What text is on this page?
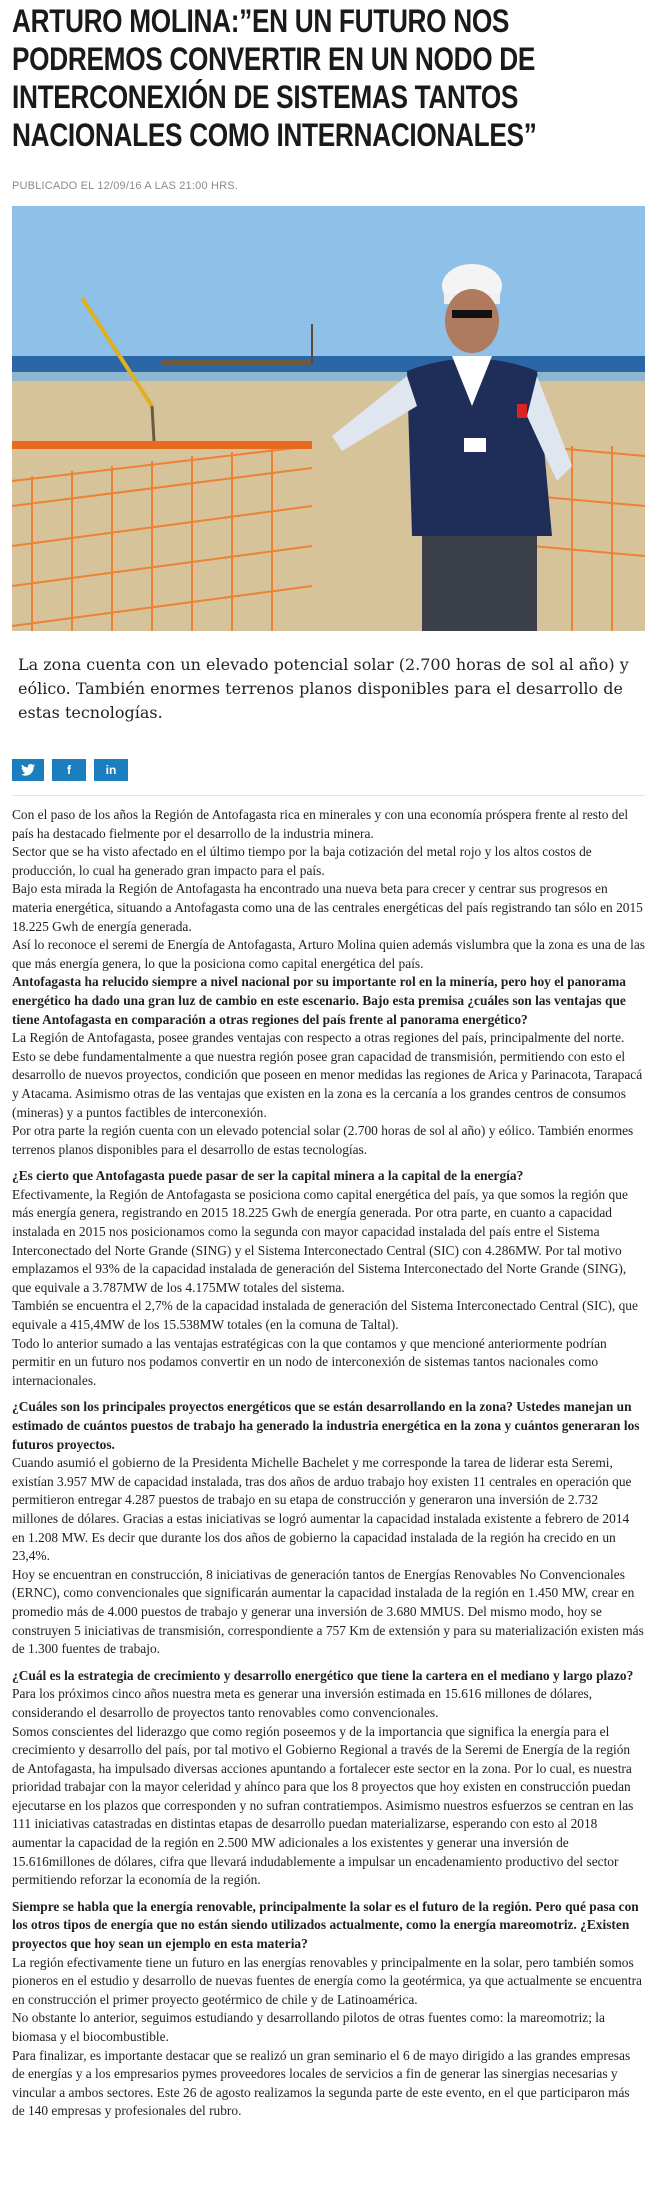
ARTURO MOLINA:”EN UN FUTURO NOS PODREMOS CONVERTIR EN UN NODO DE INTERCONEXIÓN DE SISTEMAS TANTOS NACIONALES COMO INTERNACIONALES”
PUBLICADO EL 12/09/16 A LAS 21:00 HRS.
La zona cuenta con un elevado potencial solar (2.700 horas de sol al año) y eólico. También enormes terrenos planos disponibles para el desarrollo de estas tecnologías.
f	in

Con el paso de los años la Región de Antofagasta rica en minerales y con una economía próspera frente al resto del país ha destacado fielmente por el desarrollo de la industria minera.

Sector que se ha visto afectado en el último tiempo por la baja cotización del metal rojo y los altos costos de producción, lo cual ha generado gran impacto para el país.

Bajo esta mirada la Región de Antofagasta ha encontrado una nueva beta para crecer y centrar sus progresos en materia energética, situando a Antofagasta como una de las centrales energéticas del país registrando tan sólo en 2015 18.225 Gwh de energía generada.

Así lo reconoce el seremi de Energía de Antofagasta, Arturo Molina quien además vislumbra que la zona es una de las que más energía genera, lo que la posiciona como capital energética del país.

Antofagasta ha relucido siempre a nivel nacional por su importante rol en la minería, pero hoy el panorama energético ha dado una gran luz de cambio en este escenario. Bajo esta premisa ¿cuáles son las ventajas que tiene Antofagasta en comparación a otras regiones del país frente al panorama energético?

La Región de Antofagasta, posee grandes ventajas con respecto a otras regiones del país, principalmente del norte. Esto se debe fundamentalmente a que nuestra región posee gran capacidad de transmisión, permitiendo con esto el desarrollo de nuevos proyectos, condición que poseen en menor medidas las regiones de Arica y Parinacota, Tarapacá y Atacama. Asimismo otras de las ventajas que existen en la zona es la cercanía a los grandes centros de consumos (mineras) y a puntos factibles de interconexión.

Por otra parte la región cuenta con un elevado potencial solar (2.700 horas de sol al año) y eólico. También enormes terrenos planos disponibles para el desarrollo de estas tecnologías.

¿Es cierto que Antofagasta puede pasar de ser la capital minera a la capital de la energía?

Efectivamente, la Región de Antofagasta se posiciona como capital energética del país, ya que somos la región que más energía genera, registrando en 2015 18.225 Gwh de energía generada. Por otra parte, en cuanto a capacidad instalada en 2015 nos posicionamos como la segunda con mayor capacidad instalada del país entre el Sistema Interconectado del Norte Grande (SING) y el Sistema Interconectado Central (SIC) con 4.286MW. Por tal motivo emplazamos el 93% de la capacidad instalada de generación del Sistema Interconectado del Norte Grande (SING), que equivale a 3.787MW de los 4.175MW totales del sistema.

También se encuentra el 2,7% de la capacidad instalada de generación del Sistema Interconectado Central (SIC), que equivale a 415,4MW de los 15.538MW totales (en la comuna de Taltal).

Todo lo anterior sumado a las ventajas estratégicas con la que contamos y que mencioné anteriormente podrían permitir en un futuro nos podamos convertir en un nodo de interconexión de sistemas tantos nacionales como internacionales.

¿Cuáles son los principales proyectos energéticos que se están desarrollando en la zona? Ustedes manejan un estimado de cuántos puestos de trabajo ha generado la industria energética en la zona y cuántos generaran los futuros proyectos.

Cuando asumió el gobierno de la Presidenta Michelle Bachelet y me corresponde la tarea de liderar esta Seremi, existían 3.957 MW de capacidad instalada, tras dos años de arduo trabajo hoy existen 11 centrales en operación que permitieron entregar 4.287 puestos de trabajo en su etapa de construcción y generaron una inversión de 2.732 millones de dólares. Gracias a estas iniciativas se logró aumentar la capacidad instalada existente a febrero de 2014 en 1.208 MW. Es decir que durante los dos años de gobierno la capacidad instalada de la región ha crecido en un 23,4%.

Hoy se encuentran en construcción, 8 iniciativas de generación tantos de Energías Renovables No Convencionales (ERNC), como convencionales que significarán aumentar la capacidad instalada de la región en 1.450 MW, crear en promedio más de 4.000 puestos de trabajo y generar una inversión de 3.680 MMUS. Del mismo modo, hoy se construyen 5 iniciativas de transmisión, correspondiente a 757 Km de extensión y para su materialización existen más de 1.300 fuentes de trabajo.

¿Cuál es la estrategia de crecimiento y desarrollo energético que tiene la cartera en el mediano y largo plazo?

Para los próximos cinco años nuestra meta es generar una inversión estimada en 15.616 millones de dólares, considerando el desarrollo de proyectos tanto renovables como convencionales.

Somos conscientes del liderazgo que como región poseemos y de la importancia que significa la energía para el crecimiento y desarrollo del país, por tal motivo el Gobierno Regional a través de la Seremi de Energía de la región de Antofagasta, ha impulsado diversas acciones apuntando a fortalecer este sector en la zona. Por lo cual, es nuestra prioridad trabajar con la mayor celeridad y ahínco para que los 8 proyectos que hoy existen en construcción puedan ejecutarse en los plazos que corresponden y no sufran contratiempos. Asimismo nuestros esfuerzos se centran en las 111 iniciativas catastradas en distintas etapas de desarrollo puedan materializarse, esperando con esto al 2018 aumentar la capacidad de la región en 2.500 MW adicionales a los existentes y generar una inversión de 15.616millones de dólares, cifra que llevará indudablemente a impulsar un encadenamiento productivo del sector permitiendo reforzar la economía de la región.

Siempre se habla que la energía renovable, principalmente la solar es el futuro de la región. Pero qué pasa con los otros tipos de energía que no están siendo utilizados actualmente, como la energía mareomotriz. ¿Existen proyectos que hoy sean un ejemplo en esta materia?

La región efectivamente tiene un futuro en las energías renovables y principalmente en la solar, pero también somos pioneros en el estudio y desarrollo de nuevas fuentes de energía como la geotérmica, ya que actualmente se encuentra en construcción el primer proyecto geotérmico de chile y de Latinoamérica.

No obstante lo anterior, seguimos estudiando y desarrollando pilotos de otras fuentes como: la mareomotriz; la biomasa y el biocombustible.

Para finalizar, es importante destacar que se realizó un gran seminario el 6 de mayo dirigido a las grandes empresas de energías y a los empresarios pymes proveedores locales de servicios a fin de generar las sinergias necesarias y vincular a ambos sectores. Este 26 de agosto realizamos la segunda parte de este evento, en el que participaron más de 140 empresas y profesionales del rubro.
